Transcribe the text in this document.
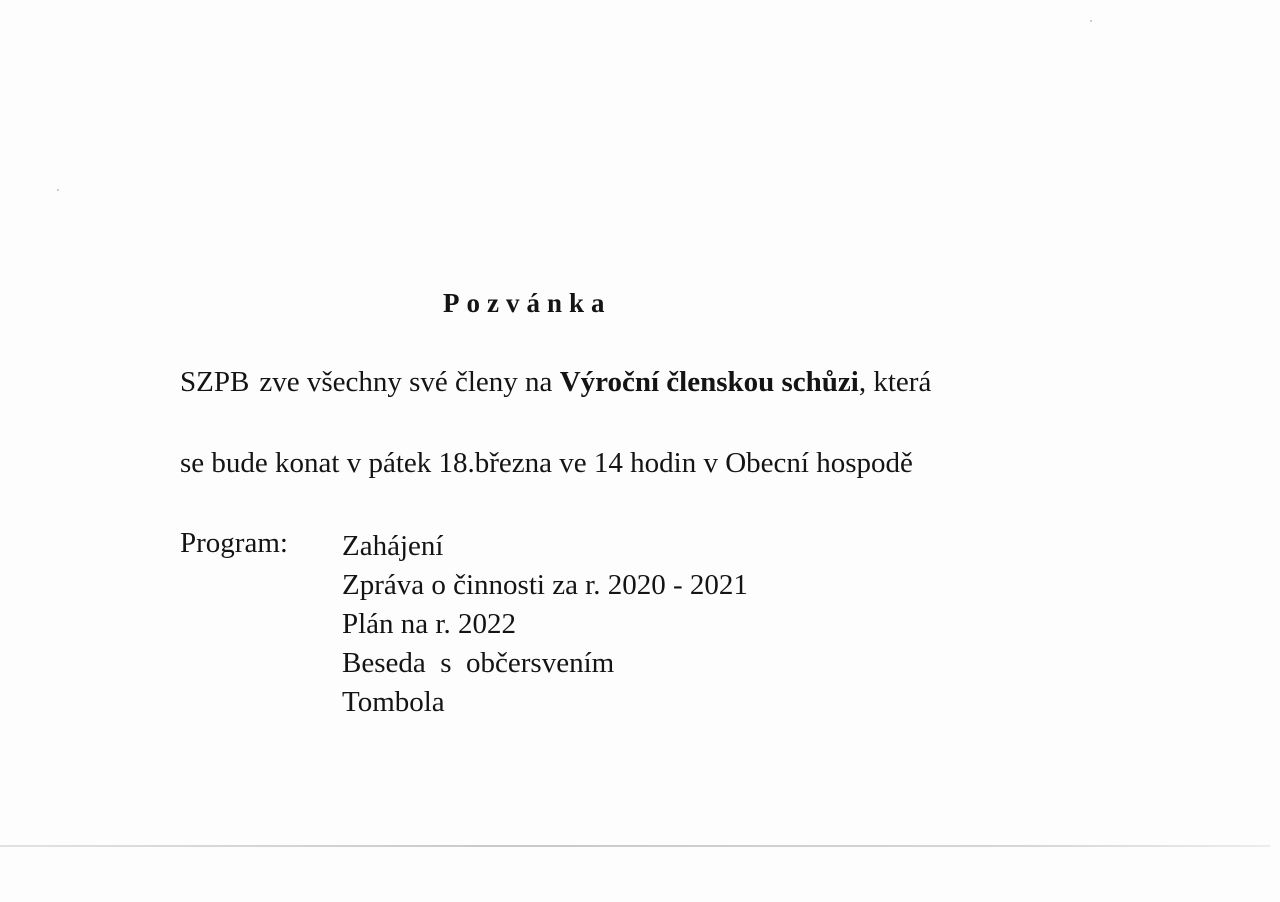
Pozvánka
SZPB zve všechny své členy na Výroční členskou schůzi, která
se bude konat v pátek 18.března ve 14 hodin v Obecní hospodě
Program: Zahájení
Zpráva o činnosti za r. 2020 - 2021
Plán na r. 2022
Beseda  s  občersvením
Tombola
